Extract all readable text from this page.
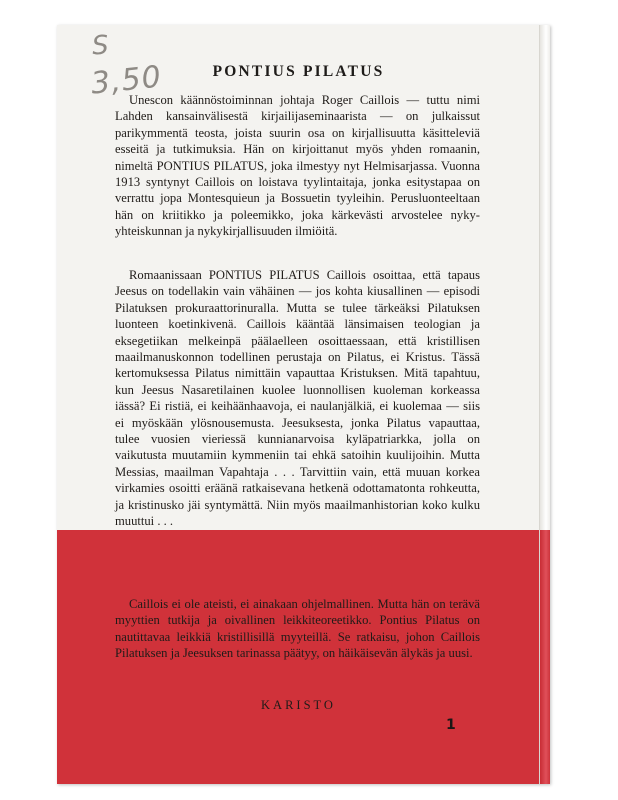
S
3,50	PONTIUS PILATUS

Unescon käännöstoiminnan johtaja Roger Caillois — tuttu nimi Lahden kansainvälisestä kirjailijaseminaarista — on julkaissut parikymmentä teosta, joista suurin osa on kirjallisuutta käsitteleviä esseitä ja tutkimuksia. Hän on kirjoittanut myös yhden romaanin, nimeltä PONTIUS PILATUS, joka ilmestyy nyt Helmisarjassa. Vuonna 1913 syntynyt Caillois on loistava tyylintaitaja, jonka esitystapaa on verrattu jopa Montesquieun ja Bossuetin tyyleihin. Perusluonteeltaan hän on kriitikko ja poleemikko, joka kärkevästi arvostelee nyky-yhteiskunnan ja nykykirjallisuuden ilmiöitä.

Romaanissaan PONTIUS PILATUS Caillois osoittaa, että tapaus Jeesus on todellakin vain vähäinen — jos kohta kiusallinen — episodi Pilatuksen prokuraattorinuralla. Mutta se tulee tärkeäksi Pilatuksen luonteen koetinkivenä. Caillois kääntää länsimaisen teologian ja eksegetiikan melkeinpä päälaelleen osoittaessaan, että kristillisen maailmanuskonnon todellinen perustaja on Pilatus, ei Kristus. Tässä kertomuksessa Pilatus nimittäin vapauttaa Kristuksen. Mitä tapahtuu, kun Jeesus Nasaretilainen kuolee luonnollisen kuoleman korkeassa iässä? Ei ristiä, ei keihäänhaavoja, ei naulanjälkiä, ei kuolemaa — siis ei myöskään ylösnousemusta. Jeesuksesta, jonka Pilatus vapauttaa, tulee vuosien vieriessä kunnianarvoisa kyläpatriarkka, jolla on vaikutusta muutamiin kymmeniin tai ehkä satoihin kuulijoihin. Mutta Messias, maailman Vapahtaja . . . Tarvittiin vain, että muuan korkea virkamies osoitti eräänä ratkaisevana hetkenä odottamatonta rohkeutta, ja kristinusko jäi syntymättä. Niin myös maailmanhistorian koko kulku muuttui . . .

Caillois ei ole ateisti, ei ainakaan ohjelmallinen. Mutta hän on terävä myyttien tutkija ja oivallinen leikkiteoreetikko. Pontius Pilatus on nautittavaa leikkiä kristillisillä myyteillä. Se ratkaisu, johon Caillois Pilatuksen ja Jeesuksen tarinassa päätyy, on häikäisevän älykäs ja uusi.

KARISTO
1
